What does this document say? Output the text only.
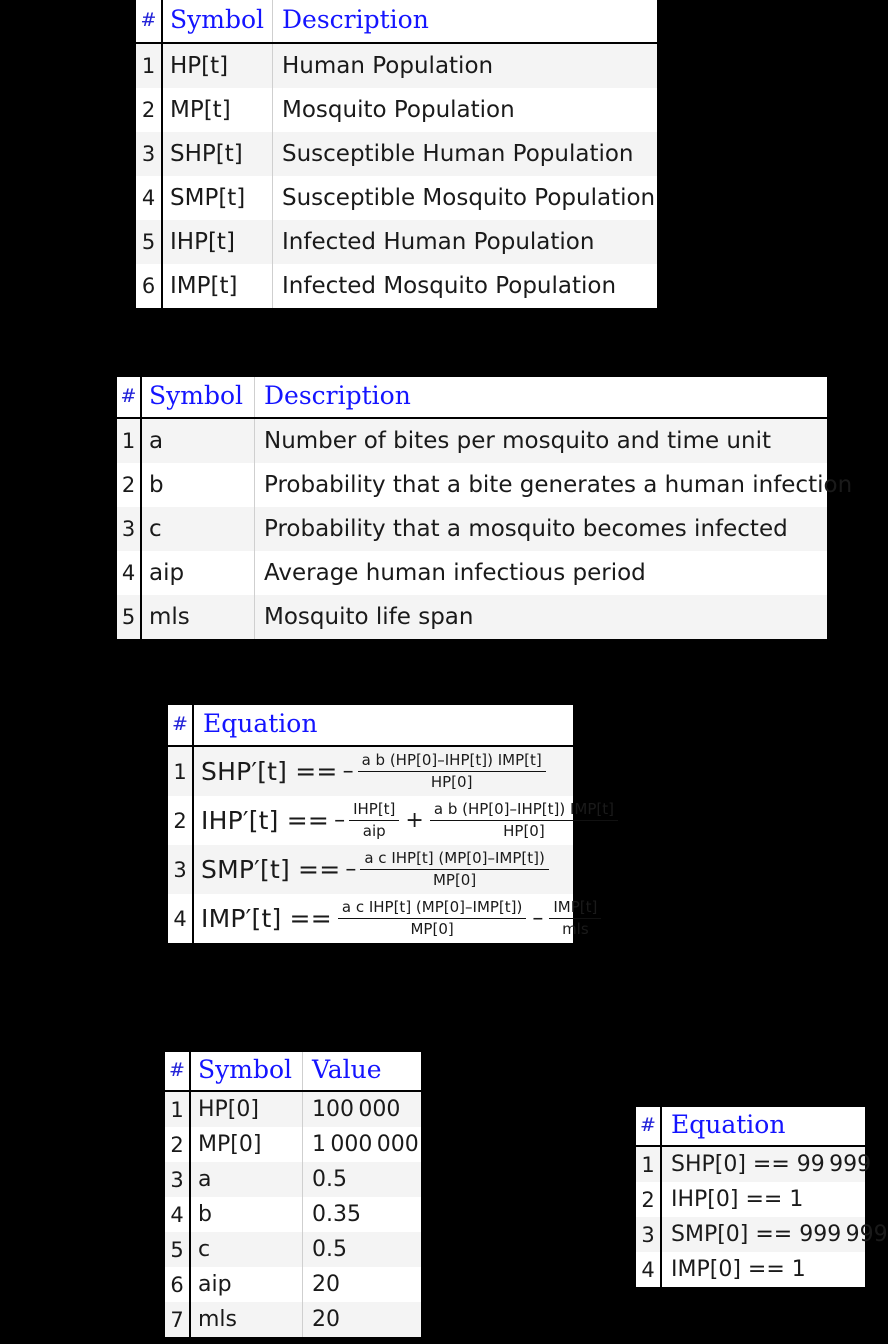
#	Symbol	Description
1	HP[t]	Human Population
2	MP[t]	Mosquito Population
3	SHP[t]	Susceptible Human Population
4	SMP[t]	Susceptible Mosquito Population
5	IHP[t]	Infected Human Population
6	IMP[t]	Infected Mosquito Population
#	Symbol	Description
1	a	Number of bites per mosquito and time unit
2	b	Probability that a bite generates a human infection
3	c	Probability that a mosquito becomes infected
4	aip	Average human infectious period
5	mls	Mosquito life span
#	Equation
1	SHP′[t] == – $\frac{\text{a b (HP[0]–IHP[t]) IMP[t]}}{HP[0]}$

2	IHP′[t] == – $\frac{\text{IHP[t]}}{\text{aip}} + \frac{\text{a b (HP[0]–IHP[t]) IMP[t]}}{HP[0]}$

3	SMP′[t] == – $\frac{\text{a c IHP[t] (MP[0]–IMP[t])}}{MP[0]}$

4	$IMP'[t] == \frac{\text{a c IHP[t] (MP[0]–IMP[t])}}{MP[0]} - \frac{\text{IMP[t]}}{\text{mls}}$
#	Symbol	Value
1	HP[0]	100 000
2	MP[0]	1 000 000
3	a	0.5
4	b	0.35
5	c	0.5
6	aip	20
7	mls	20
#	Equation
1	SHP[0] == 99 999
2	IHP[0] == 1
3	SMP[0] == 999 999
4	IMP[0] == 1
